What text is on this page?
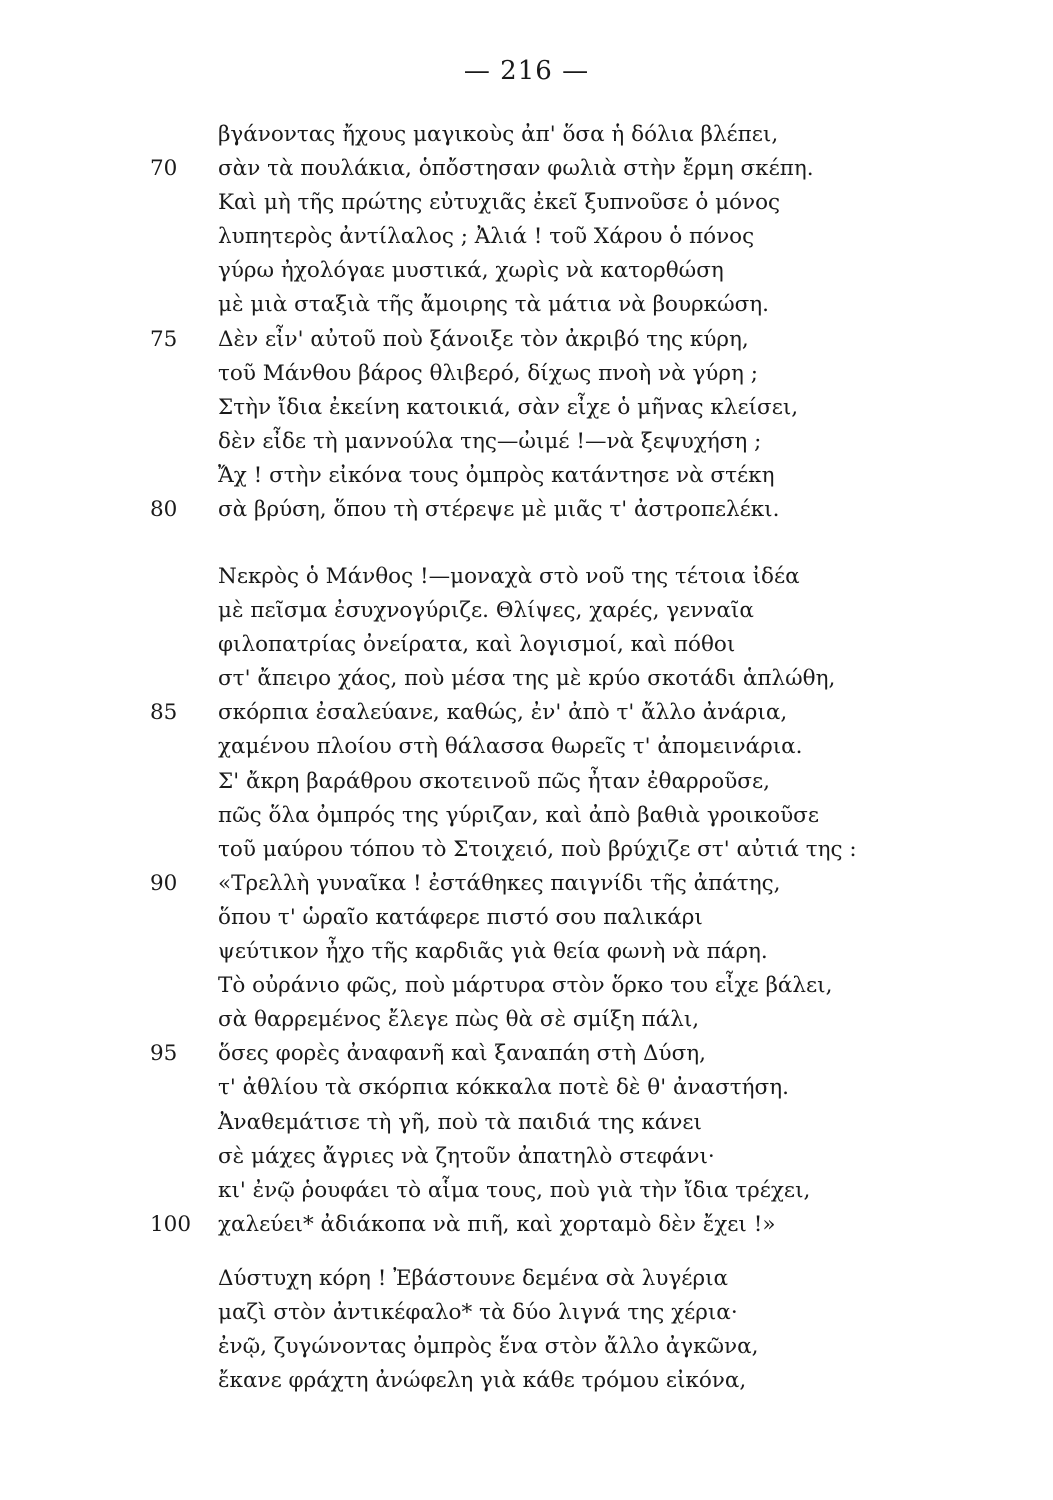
— 216 —
βγάνοντας ἤχους μαγικοὺς ἀπ' ὅσα ἡ δόλια βλέπει,
70	σὰν τὰ πουλάκια, ὁπὄστησαν φωλιὰ στὴν ἔρμη σκέπη.
Καὶ μὴ τῆς πρώτης εὐτυχιᾶς ἐκεῖ ξυπνοῦσε ὁ μόνος
λυπητερὸς ἀντίλαλος ; Ἀλιά ! τοῦ Χάρου ὁ πόνος
γύρω ἠχολόγαε μυστικά, χωρὶς νὰ κατορθώση
μὲ μιὰ σταξιὰ τῆς ἄμοιρης τὰ μάτια νὰ βουρκώση.
75	Δὲν εἶν' αὐτοῦ ποὺ ξάνοιξε τὸν ἀκριβό της κύρη,
τοῦ Μάνθου βάρος θλιβερό, δίχως πνοὴ νὰ γύρη ;
Στὴν ἴδια ἐκείνη κατοικιά, σὰν εἶχε ὁ μῆνας κλείσει,
δὲν εἶδε τὴ μαννούλα της—ὠιμέ !—νὰ ξεψυχήση ;
Ἄχ ! στὴν εἰκόνα τους ὀμπρὸς κατάντησε νὰ στέκη
80	σὰ βρύση, ὅπου τὴ στέρεψε μὲ μιᾶς τ' ἀστροπελέκι.
Νεκρὸς ὁ Μάνθος !—μοναχὰ στὸ νοῦ της τέτοια ἰδέα
μὲ πεῖσμα ἐσυχνογύριζε. Θλίψες, χαρές, γενναῖα
φιλοπατρίας ὀνείρατα, καὶ λογισμοί, καὶ πόθοι
στ' ἄπειρο χάος, ποὺ μέσα της μὲ κρύο σκοτάδι ἁπλώθη,
85	σκόρπια ἐσαλεύανε, καθώς, ἐν' ἀπὸ τ' ἄλλο ἀνάρια,
χαμένου πλοίου στὴ θάλασσα θωρεῖς τ' ἀπομεινάρια.
Σ' ἄκρη βαράθρου σκοτεινοῦ πῶς ἦταν ἐθαρροῦσε,
πῶς ὅλα ὀμπρός της γύριζαν, καὶ ἀπὸ βαθιὰ γροικοῦσε
τοῦ μαύρου τόπου τὸ Στοιχειό, ποὺ βρύχιζε στ' αὐτιά της :
90	«Τρελλὴ γυναῖκα ! ἐστάθηκες παιγνίδι τῆς ἀπάτης,
ὅπου τ' ὡραῖο κατάφερε πιστό σου παλικάρι
ψεύτικον ἦχο τῆς καρδιᾶς γιὰ θεία φωνὴ νὰ πάρη.
Τὸ οὐράνιο φῶς, ποὺ μάρτυρα στὸν ὅρκο του εἶχε βάλει,
σὰ θαρρεμένος ἔλεγε πὼς θὰ σὲ σμίξη πάλι,
95	ὅσες φορὲς ἀναφανῆ καὶ ξαναπάη στὴ Δύση,
τ' ἀθλίου τὰ σκόρπια κόκκαλα ποτὲ δὲ θ' ἀναστήση.
Ἀναθεμάτισε τὴ γῆ, ποὺ τὰ παιδιά της κάνει
σὲ μάχες ἄγριες νὰ ζητοῦν ἀπατηλὸ στεφάνι·
κι' ἐνῷ ῥουφάει τὸ αἷμα τους, ποὺ γιὰ τὴν ἴδια τρέχει,
100	χαλεύει* ἀδιάκοπα νὰ πιῆ, καὶ χορταμὸ δὲν ἔχει !»
Δύστυχη κόρη ! Ἐβάστουνε δεμένα σὰ λυγέρια
μαζὶ στὸν ἀντικέφαλο* τὰ δύο λιγνά της χέρια·
ἐνῷ, ζυγώνοντας ὀμπρὸς ἕνα στὸν ἄλλο ἀγκῶνα,
ἔκανε φράχτη ἀνώφελη γιὰ κάθε τρόμου εἰκόνα,
